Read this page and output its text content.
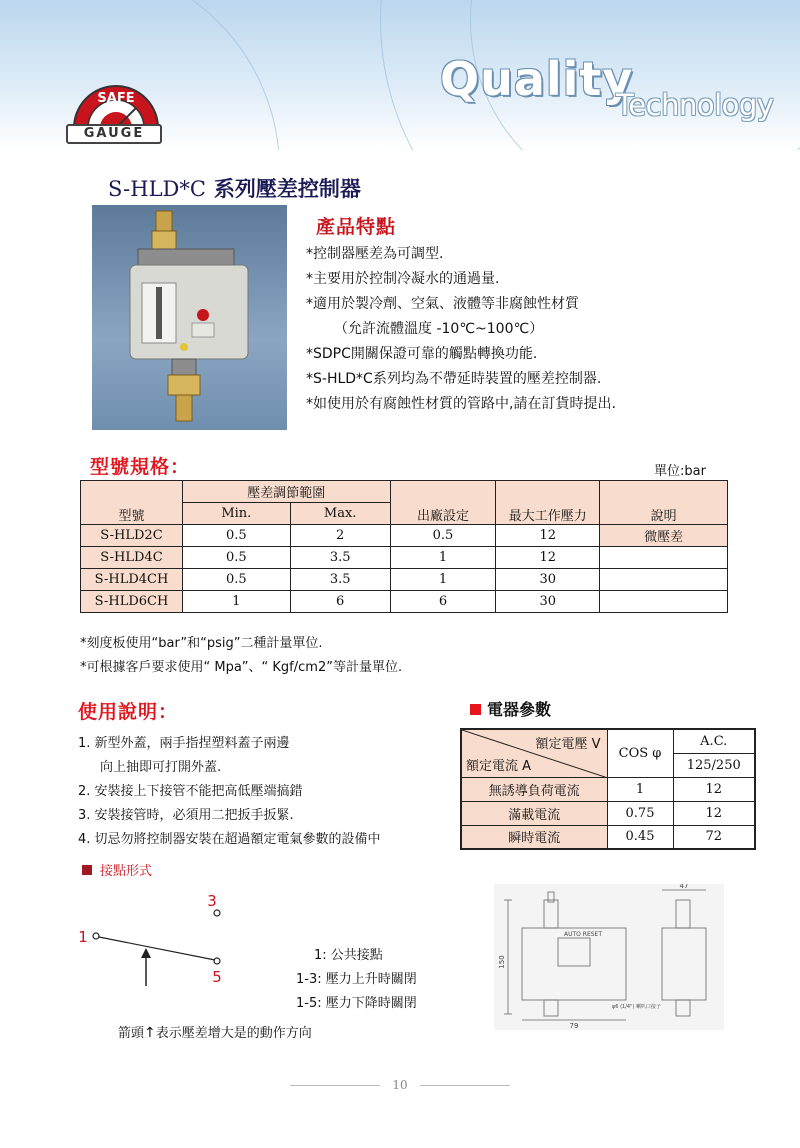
Quality
Technology
SAFE
GAUGE
S-HLD*C 系列壓差控制器
產品特點
*控制器壓差為可調型.
*主要用於控制冷凝水的通過量.
*適用於製冷劑、空氣、液體等非腐蝕性材質
（允許流體溫度 -10℃~100℃）
*SDPC開關保證可靠的觸點轉換功能.
*S-HLD*C系列均為不帶延時裝置的壓差控制器.
*如使用於有腐蝕性材質的管路中,請在訂貨時提出.
型號規格：	單位:bar
型號	壓差調節範圍		出廠設定	最大工作壓力	說明
	Min.	Max.			
S-HLD2C	0.5	2	0.5	12	微壓差
S-HLD4C	0.5	3.5	1	12	
S-HLD4CH	0.5	3.5	1	30	
S-HLD6CH	1	6	6	30	
*刻度板使用“bar”和“psig”二種計量單位.
*可根據客戶要求使用“ Mpa”、“ Kgf/cm2”等計量單位.
使用說明：
1. 新型外蓋，兩手指捏塑料蓋子兩邊
向上抽即可打開外蓋.
2. 安裝接上下接管不能把高低壓端搞錯
3. 安裝接管時，必須用二把扳手扳緊.
4. 切忌勿將控制器安裝在超過額定電氣參數的設備中
電器參數
額定電壓 V
額定電流 A	COS φ	A.C.
		125/250
無誘導負荷電流	1	12
滿載電流	0.75	12
瞬時電流	0.45	72
接點形式
3
1
5
1: 公共接點
1-3: 壓力上升時關閉
1-5: 壓力下降時關閉
箭頭↑表示壓差增大是的動作方向
47
150
79
AUTO RESET
φ6 (1/4") 喇叭口接子
10
